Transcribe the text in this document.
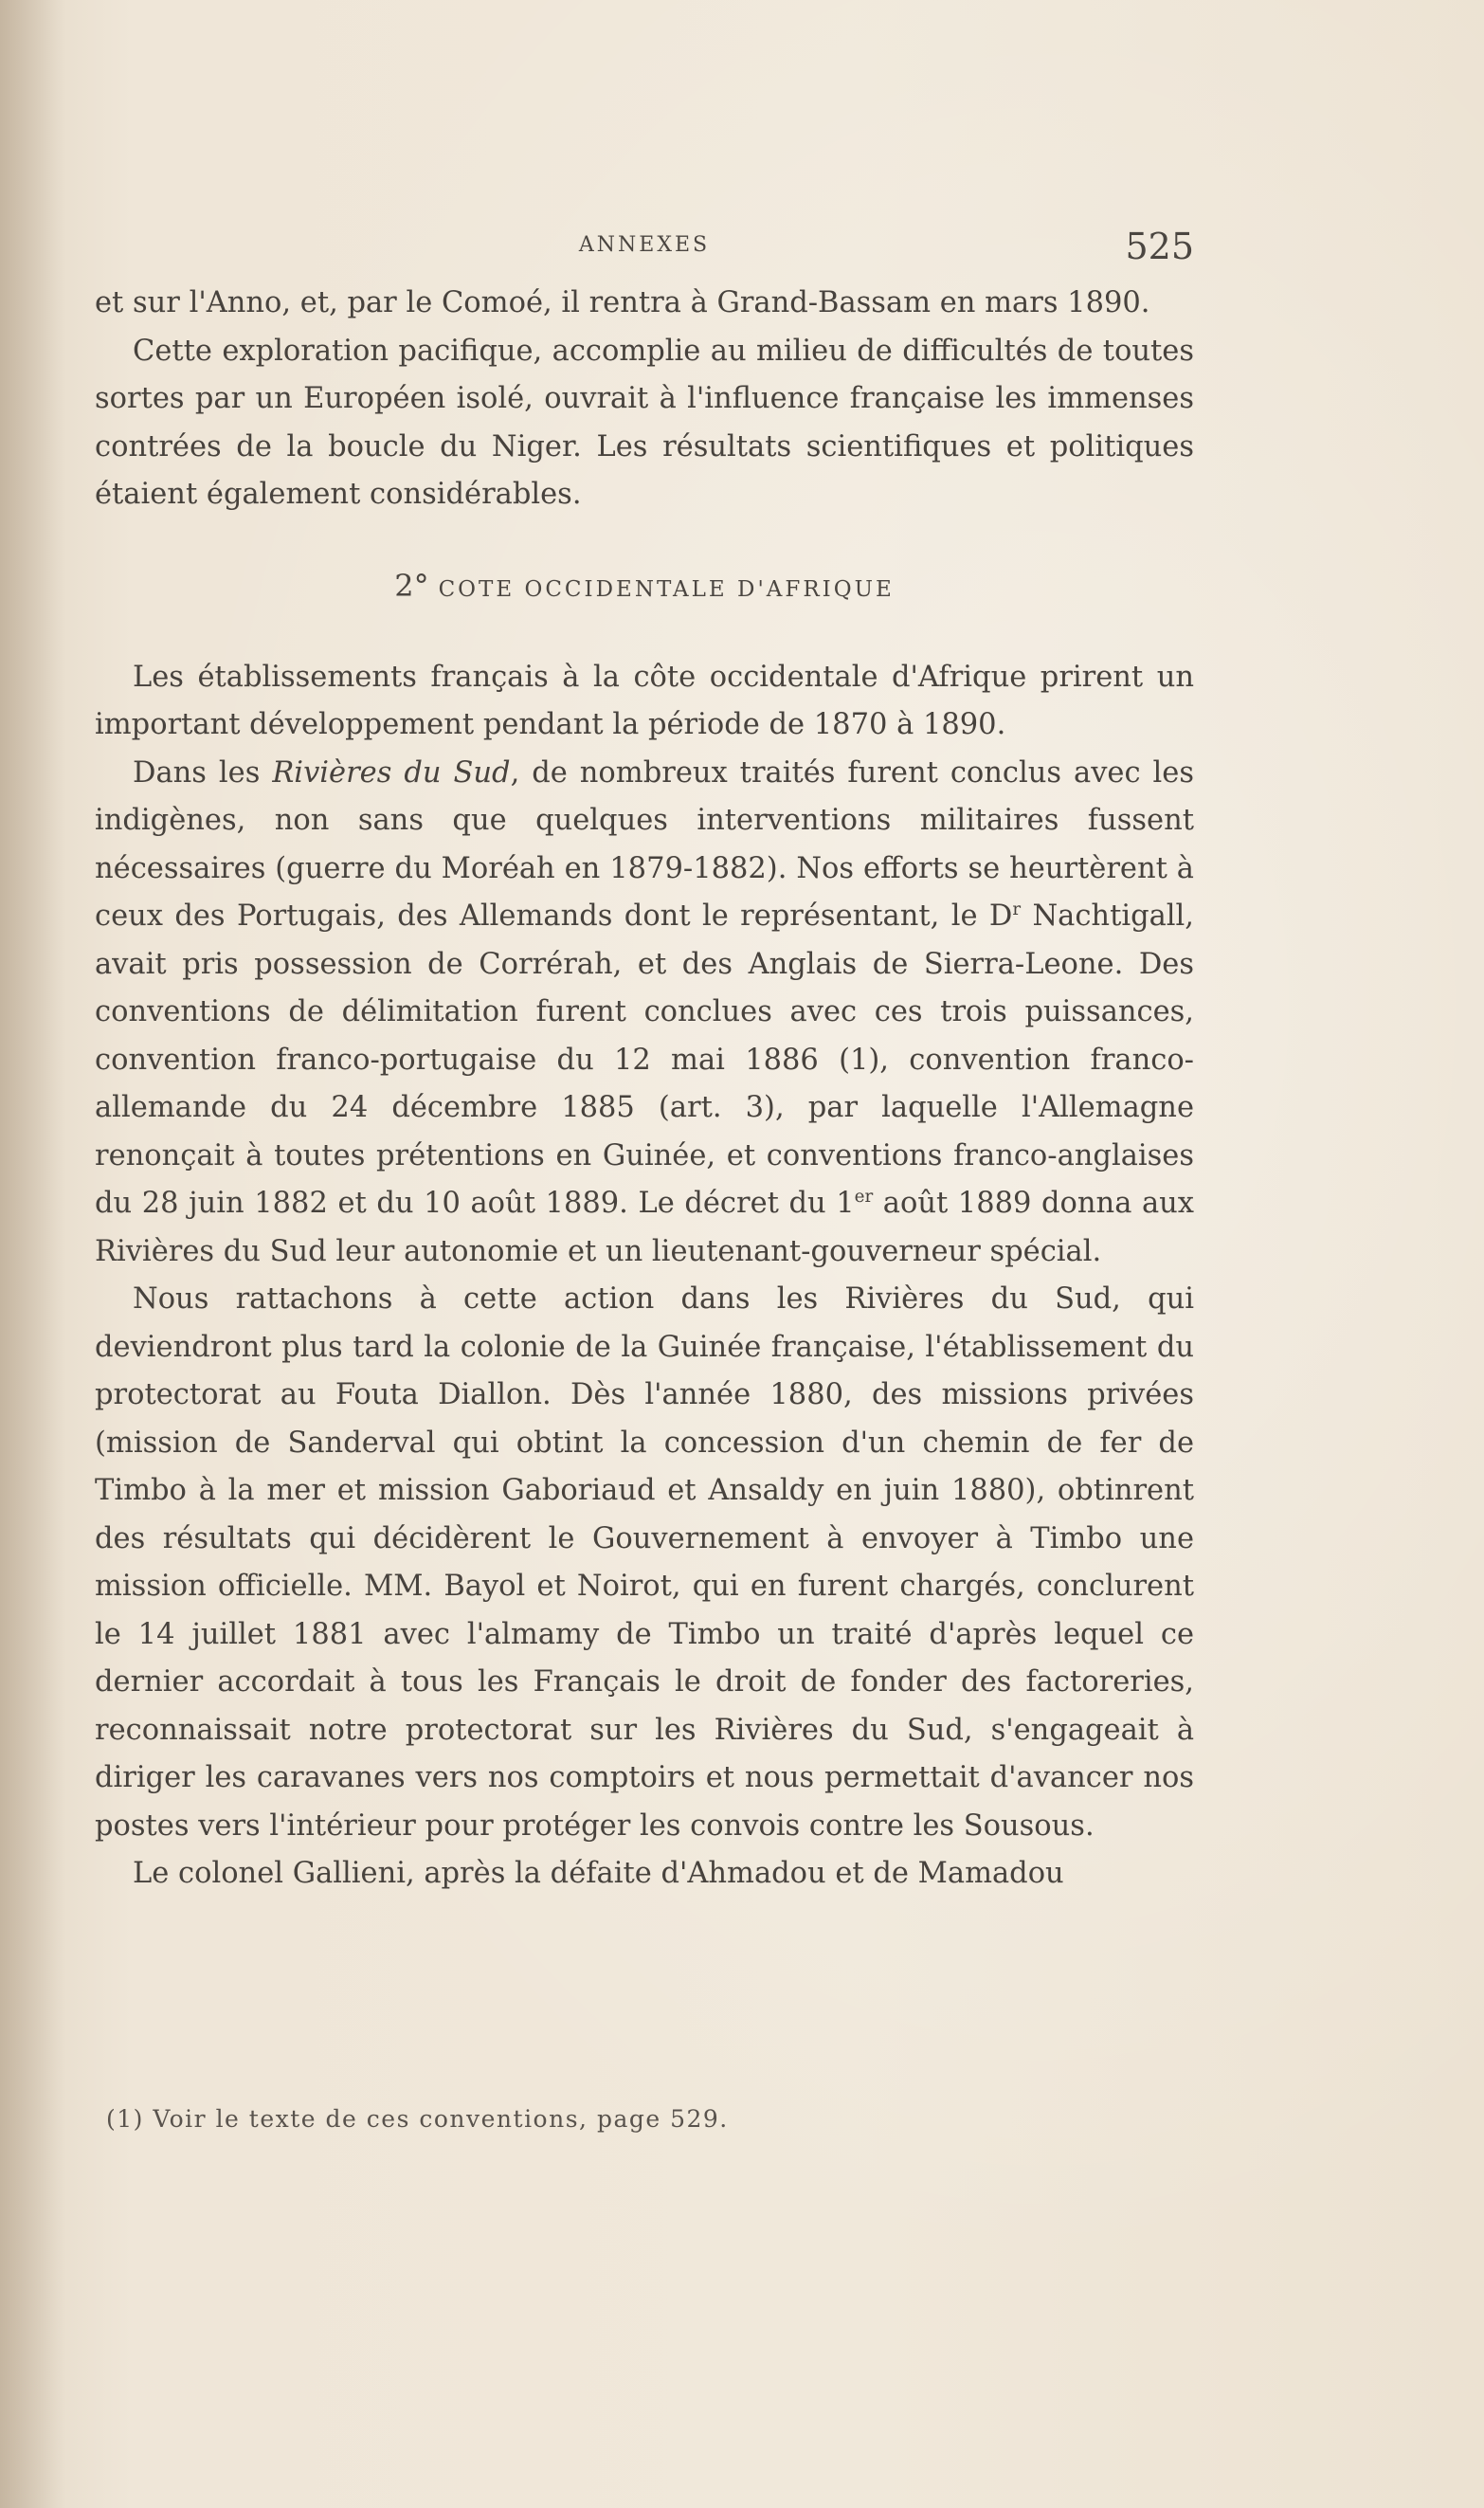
ANNEXES	525

et sur l'Anno, et, par le Comoé, il rentra à Grand-Bassam en mars 1890.

Cette exploration pacifique, accomplie au milieu de difficultés de toutes sortes par un Européen isolé, ouvrait à l'influence française les immenses contrées de la boucle du Niger. Les résultats scientifiques et politiques étaient également considérables.

2° COTE OCCIDENTALE D'AFRIQUE

Les établissements français à la côte occidentale d'Afrique prirent un important développement pendant la période de 1870 à 1890.

Dans les Rivières du Sud, de nombreux traités furent conclus avec les indigènes, non sans que quelques interventions militaires fussent nécessaires (guerre du Moréah en 1879-1882). Nos efforts se heurtèrent à ceux des Portugais, des Allemands dont le représentant, le $D^r$ Nachtigall, avait pris possession de Corrérah, et des Anglais de Sierra-Leone. Des conventions de délimitation furent conclues avec ces trois puissances, convention franco-portugaise du 12 mai 1886 (1), convention franco-allemande du 24 décembre 1885 (art. 3), par laquelle l'Allemagne renonçait à toutes prétentions en Guinée, et conventions franco-anglaises du 28 juin 1882 et du 10 août 1889. Le décret du 1er août 1889 donna aux Rivières du Sud leur autonomie et un lieutenant-gouverneur spécial.

Nous rattachons à cette action dans les Rivières du Sud, qui deviendront plus tard la colonie de la Guinée française, l'établissement du protectorat au Fouta Diallon. Dès l'année 1880, des missions privées (mission de Sanderval qui obtint la concession d'un chemin de fer de Timbo à la mer et mission Gaboriaud et Ansaldy en juin 1880), obtinrent des résultats qui décidèrent le Gouvernement à envoyer à Timbo une mission officielle. MM. Bayol et Noirot, qui en furent chargés, conclurent le 14 juillet 1881 avec l'almamy de Timbo un traité d'après lequel ce dernier accordait à tous les Français le droit de fonder des factoreries, reconnaissait notre protectorat sur les Rivières du Sud, s'engageait à diriger les caravanes vers nos comptoirs et nous permettait d'avancer nos postes vers l'intérieur pour protéger les convois contre les Sousous.

Le colonel Gallieni, après la défaite d'Ahmadou et de Mamadou

(1) Voir le texte de ces conventions, page 529.
